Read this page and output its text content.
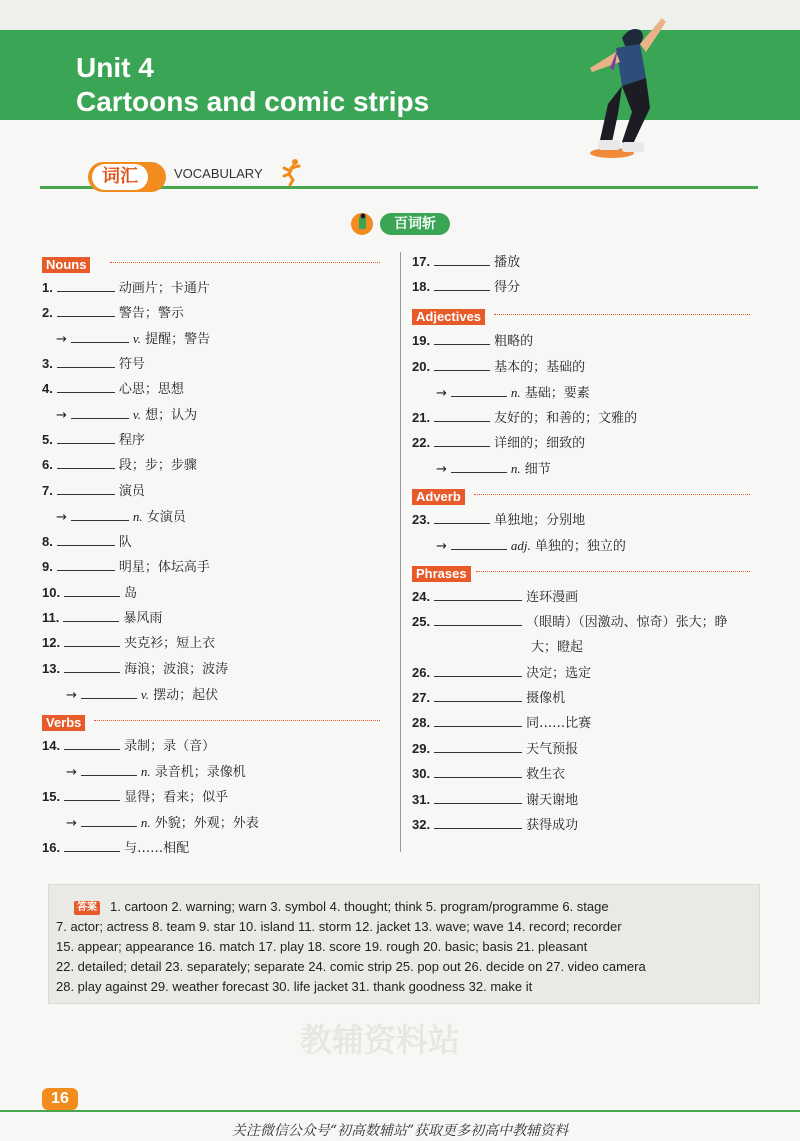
Unit 4
Cartoons and comic strips
词汇	VOCABULARY
百词斩
Nouns
1.	动画片；卡通片
2.	警告；警示
→	v. 提醒；警告
3.	符号
4.	心思；思想
→	v. 想；认为
5.	程序
6.	段；步；步骤
7.	演员
→	n. 女演员
8.	队
9.	明星；体坛高手
10.	岛
11.	暴风雨
12.	夹克衫；短上衣
13.	海浪；波浪；波涛
→	v. 摆动；起伏
Verbs
14.	录制；录（音）
→	n. 录音机；录像机
15.	显得；看来；似乎
→	n. 外貌；外观；外表
16.	与……相配
17.	播放
18.	得分
Adjectives
19.	粗略的
20.	基本的；基础的
→	n. 基础；要素
21.	友好的；和善的；文雅的
22.	详细的；细致的
→	n. 细节
Adverb
23.	单独地；分别地
→	adj. 单独的；独立的
Phrases
24.	连环漫画
25.	（眼睛）（因激动、惊奇）张大；睁
大；瞪起
26.	决定；选定
27.	摄像机
28.	同……比赛
29.	天气预报
30.	救生衣
31.	谢天谢地
32.	获得成功
答案 1. cartoon 2. warning; warn 3. symbol 4. thought; think 5. program/programme 6. stage
7. actor; actress 8. team 9. star 10. island 11. storm 12. jacket 13. wave; wave 14. record; recorder
15. appear; appearance 16. match 17. play 18. score 19. rough 20. basic; basis 21. pleasant
22. detailed; detail 23. separately; separate 24. comic strip 25. pop out 26. decide on 27. video camera
28. play against 29. weather forecast 30. life jacket 31. thank goodness 32. make it
教辅资料站
16
关注微信公众号“初高数辅站”获取更多初高中教辅资料
